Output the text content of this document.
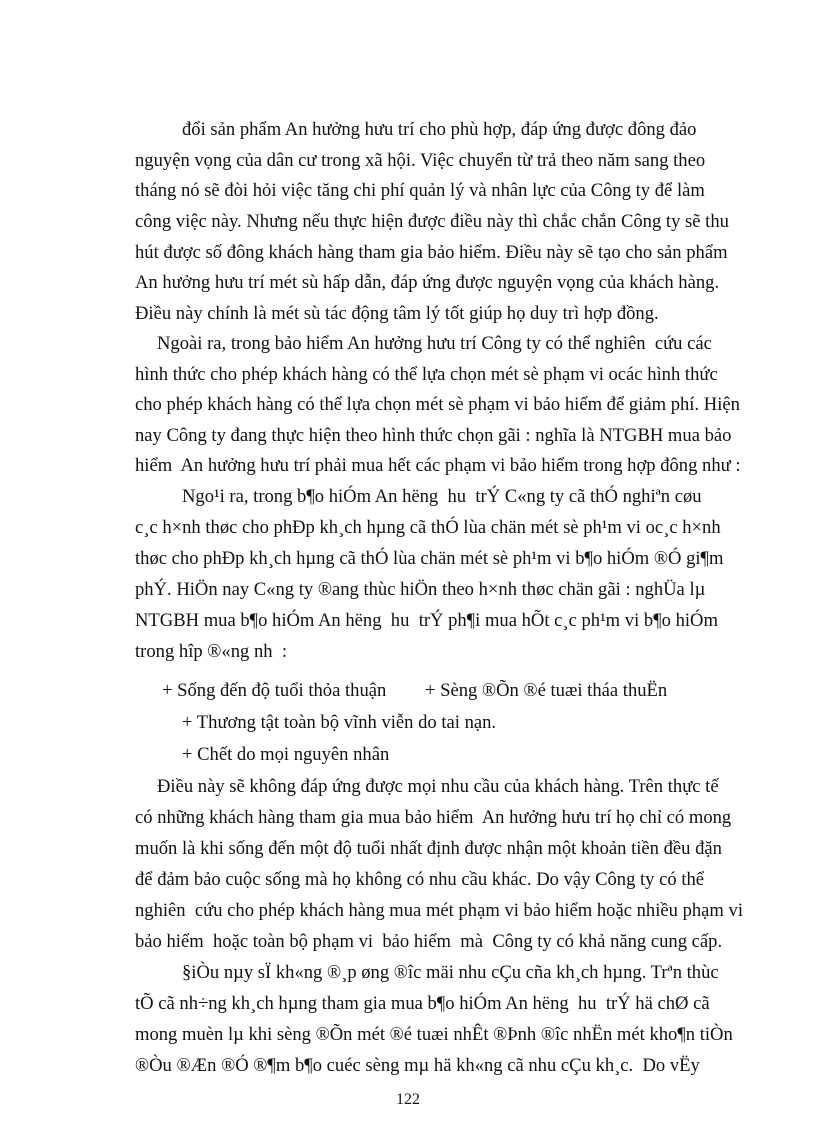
đổi sản phẩm An hưởng hưu trí cho phù hợp, đáp ứng được đông đảo
nguyện vọng của dân cư trong xã hội. Việc chuyển từ trả theo năm sang theo
tháng nó sẽ đòi hỏi việc tăng chi phí quản lý và nhân lực của Công ty để làm
công việc này. Nhưng nếu thực hiện được điều này thì chắc chắn Công ty sẽ thu
hút được số đông khách hàng tham gia bảo hiểm. Điều này sẽ tạo cho sản phẩm
An hưởng hưu trí mét sù hấp dẫn, đáp ứng được nguyện vọng của khách hàng.
Điều này chính là mét sù tác động tâm lý tốt giúp họ duy trì hợp đồng.
Ngoài ra, trong bảo hiểm An hưởng hưu trí Công ty có thể nghiên  cứu các
hình thức cho phép khách hàng có thể lựa chọn mét sè phạm vi ocác hình thức
cho phép khách hàng có thể lựa chọn mét sè phạm vi bảo hiểm để giảm phí. Hiện
nay Công ty đang thực hiện theo hình thức chọn gãi : nghĩa là NTGBH mua bảo
hiểm  An hưởng hưu trí phải mua hết các phạm vi bảo hiểm trong hợp đông như :
Ngo¹i ra, trong b¶o hiÓm An hëng  hu  trÝ C«ng ty cã thÓ nghiªn cøu
c¸c h×nh thøc cho phÐp kh¸ch hµng cã thÓ lùa chän mét sè ph¹m vi oc¸c h×nh
thøc cho phÐp kh¸ch hµng cã thÓ lùa chän mét sè ph¹m vi b¶o hiÓm ®Ó gi¶m
phÝ. HiÖn nay C«ng ty ®ang thùc hiÖn theo h×nh thøc chän gãi : nghÜa lµ
NTGBH mua b¶o hiÓm An hëng  hu  trÝ ph¶i mua hÕt c¸c ph¹m vi b¶o hiÓm
trong hîp ®«ng nh  :
+ Sống đến độ tuổi thỏa thuận + Sèng ®Õn ®é tuæi tháa thuËn
+ Thương tật toàn bộ vĩnh viễn do tai nạn.
+ Chết do mọi nguyên nhân
Điều này sẽ không đáp ứng được mọi nhu cầu của khách hàng. Trên thực tế
có những khách hàng tham gia mua bảo hiểm  An hưởng hưu trí họ chỉ có mong
muốn là khi sống đến một độ tuổi nhất định được nhận một khoản tiền đều đặn
để đảm bảo cuộc sống mà họ không có nhu cầu khác. Do vậy Công ty có thể
nghiên  cứu cho phép khách hàng mua mét phạm vi bảo hiểm hoặc nhiều phạm vi
bảo hiểm  hoặc toàn bộ phạm vi  bảo hiểm  mà  Công ty có khả năng cung cấp.
§iÒu nµy sÏ kh«ng ®¸p øng ®îc mäi nhu cÇu cña kh¸ch hµng. Trªn thùc
tÕ cã nh÷ng kh¸ch hµng tham gia mua b¶o hiÓm An hëng  hu  trÝ hä chØ cã
mong muèn lµ khi sèng ®Õn mét ®é tuæi nhÊt ®Þnh ®îc nhËn mét kho¶n tiÒn
®Òu ®Æn ®Ó ®¶m b¶o cuéc sèng mµ hä kh«ng cã nhu cÇu kh¸c.  Do vËy
122
